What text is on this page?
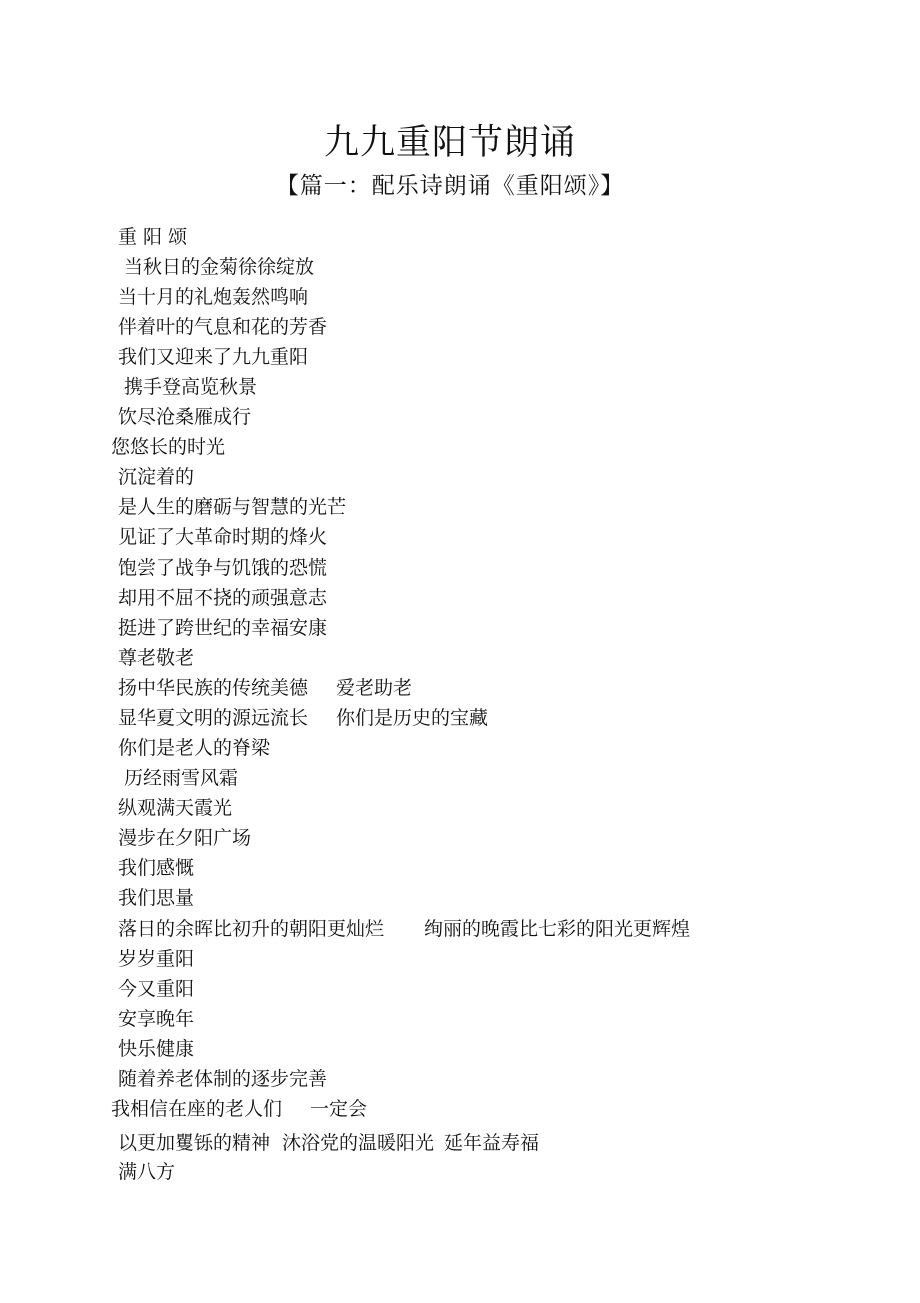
九九重阳节朗诵
【篇一：配乐诗朗诵《重阳颂》】
重 阳 颂
当秋日的金菊徐徐绽放
当十月的礼炮轰然鸣响
伴着叶的气息和花的芳香
我们又迎来了九九重阳
携手登高览秋景
饮尽沧桑雁成行
您悠长的时光
沉淀着的
是人生的磨砺与智慧的光芒
见证了大革命时期的烽火
饱尝了战争与饥饿的恐慌
却用不屈不挠的顽强意志
挺进了跨世纪的幸福安康
尊老敬老
扬中华民族的传统美德 爱老助老
显华夏文明的源远流长 你们是历史的宝藏
你们是老人的脊梁
历经雨雪风霜
纵观满天霞光
漫步在夕阳广场
我们感慨
我们思量
落日的余晖比初升的朝阳更灿烂 绚丽的晚霞比七彩的阳光更辉煌
岁岁重阳
今又重阳
安享晚年
快乐健康
随着养老体制的逐步完善
我相信在座的老人们 一定会
以更加矍铄的精神 沐浴党的温暖阳光 延年益寿福
满八方
